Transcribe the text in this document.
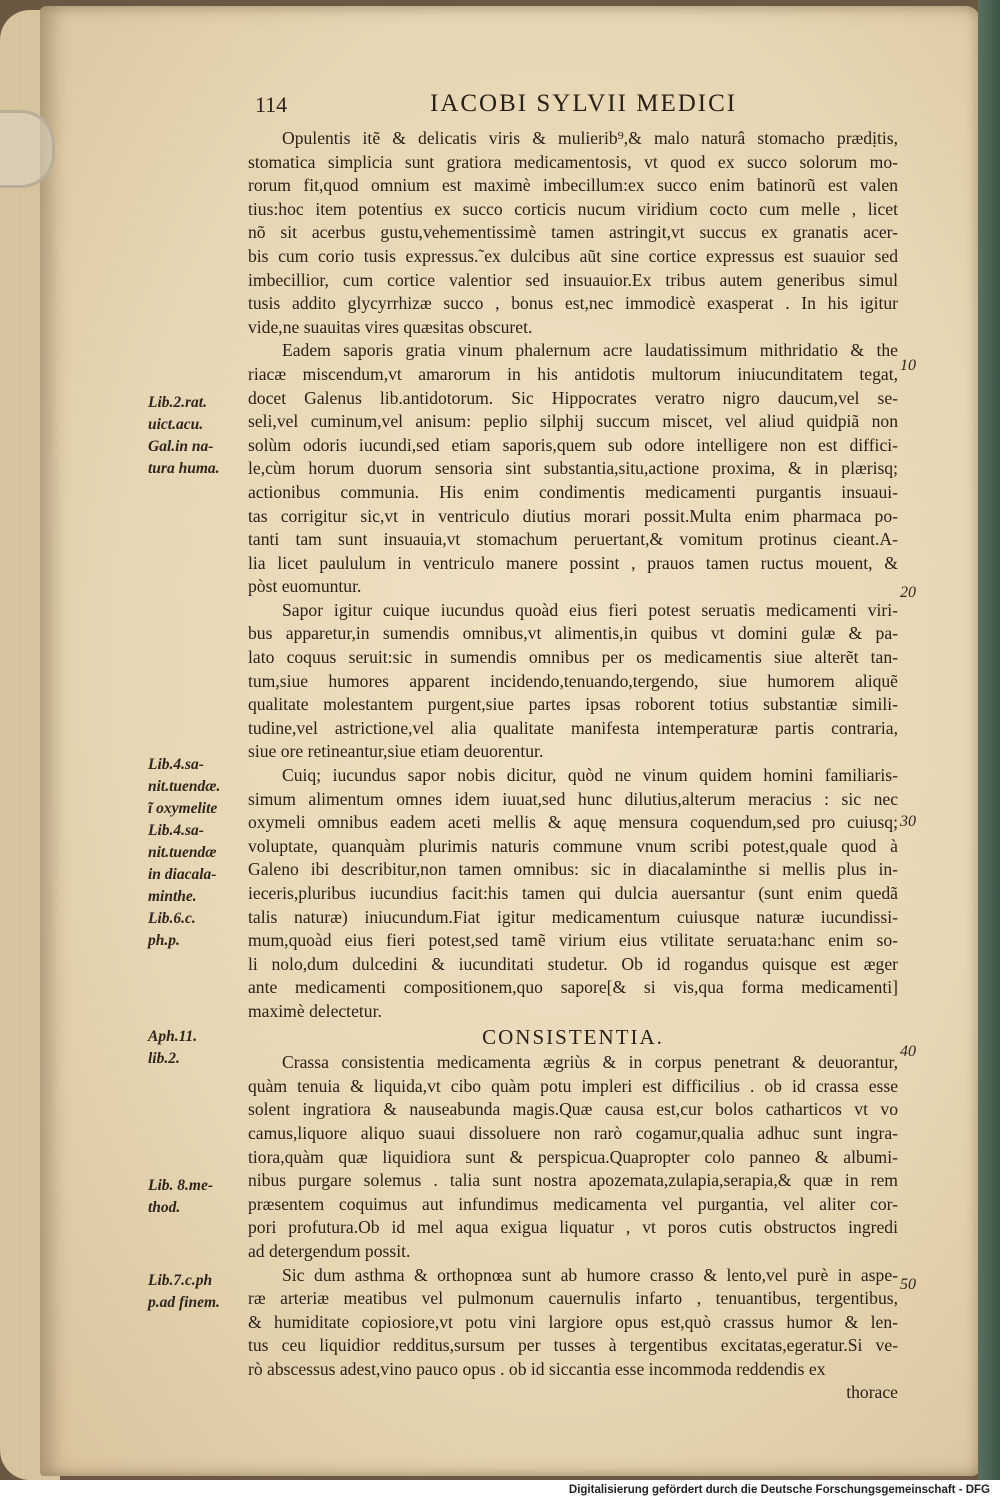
114	IACOBI SYLVII MEDICI
Opulentis itẽ & delicatis viris & mulierib⁹,& malo naturâ stomacho prædịtis,
stomatica simplicia sunt gratiora medicamentosis, vt quod ex succo solorum mo-
rorum fit,quod omnium est maximè imbecillum:ex succo enim batinorũ est valen
tius:hoc item potentius ex succo corticis nucum viridium cocto cum melle , licet
nõ sit acerbus gustu,vehementissimè tamen astringit,vt succus ex granatis acer-
bis cum corio tusis expressus.˜ex dulcibus aũt sine cortice expressus est suauior sed
imbecillior, cum cortice valentior sed insuauior.Ex tribus autem generibus simul
tusis addito glycyrrhizæ succo , bonus est,nec immodicè exasperat . In his igitur
vide,ne suauitas vires quæsitas obscuret.
Eadem saporis gratia vinum phalernum acre laudatissimum mithridatio & the
riacæ miscendum,vt amarorum in his antidotis multorum iniucunditatem tegat,
docet Galenus lib.antidotorum. Sic Hippocrates veratro nigro daucum,vel se-
seli,vel cuminum,vel anisum: peplio silphij succum miscet, vel aliud quidpiã non
solùm odoris iucundi,sed etiam saporis,quem sub odore intelligere non est diffici-
le,cùm horum duorum sensoria sint substantia,situ,actione proxima, & in plærisq;
actionibus communia. His enim condimentis medicamenti purgantis insuaui-
tas corrigitur sic,vt in ventriculo diutius morari possit.Multa enim pharmaca po-
tanti tam sunt insuauia,vt stomachum peruertant,& vomitum protinus cieant.A-
lia licet paululum in ventriculo manere possint , prauos tamen ructus mouent, &
pòst euomuntur.
Sapor igitur cuique iucundus quoàd eius fieri potest seruatis medicamenti viri-
bus apparetur,in sumendis omnibus,vt alimentis,in quibus vt domini gulæ & pa-
lato coquus seruit:sic in sumendis omnibus per os medicamentis siue alterẽt tan-
tum,siue humores apparent incidendo,tenuando,tergendo, siue humorem aliquẽ
qualitate molestantem purgent,siue partes ipsas roborent totius substantiæ simili-
tudine,vel astrictione,vel alia qualitate manifesta intemperaturæ partis contraria,
siue ore retineantur,siue etiam deuorentur.
Cuiq; iucundus sapor nobis dicitur, quòd ne vinum quidem homini familiaris-
simum alimentum omnes idem iuuat,sed hunc dilutius,alterum meracius : sic nec
oxymeli omnibus eadem aceti mellis & aquę mensura coquendum,sed pro cuiusq;
voluptate, quanquàm plurimis naturis commune vnum scribi potest,quale quod à
Galeno ibi describitur,non tamen omnibus: sic in diacalaminthe si mellis plus in-
ieceris,pluribus iucundius facit:his tamen qui dulcia auersantur (sunt enim quedã
talis naturæ) iniucundum.Fiat igitur medicamentum cuiusque naturæ iucundissi-
mum,quoàd eius fieri potest,sed tamẽ virium eius vtilitate seruata:hanc enim so-
li nolo,dum dulcedini & iucunditati studetur. Ob id rogandus quisque est æger
ante medicamenti compositionem,quo sapore[& si vis,qua forma medicamenti]
maximè delectetur.
CONSISTENTIA.
Crassa consistentia medicamenta ægriùs & in corpus penetrant & deuorantur,
quàm tenuia & liquida,vt cibo quàm potu impleri est difficilius . ob id crassa esse
solent ingratiora & nauseabunda magis.Quæ causa est,cur bolos catharticos vt vo
camus,liquore aliquo suaui dissoluere non rarò cogamur,qualia adhuc sunt ingra-
tiora,quàm quæ liquidiora sunt & perspicua.Quapropter colo panneo & albumi-
nibus purgare solemus . talia sunt nostra apozemata,zulapia,serapia,& quæ in rem
præsentem coquimus aut infundimus medicamenta vel purgantia, vel aliter cor-
pori profutura.Ob id mel aqua exigua liquatur , vt poros cutis obstructos ingredi
ad detergendum possit.
Sic dum asthma & orthopnœa sunt ab humore crasso & lento,vel purè in aspe-
ræ arteriæ meatibus vel pulmonum cauernulis infarto , tenuantibus, tergentibus,
& humiditate copiosiore,vt potu vini largiore opus est,quò crassus humor & len-
tus ceu liquidior redditus,sursum per tusses à tergentibus excitatas,egeratur.Si ve-
rò abscessus adest,vino pauco opus . ob id siccantia esse incommoda reddendis ex
thorace
Lib.2.rat.
uict.acu.
Gal.in na-
tura huma.
Lib.4.sa-
nit.tuendæ.
ĩ oxymelite
Lib.4.sa-
nit.tuendæ
in diacala-
minthe.
Lib.6.c.
ph.p.
Aph.11.
lib.2.
Lib. 8.me-
thod.
Lib.7.c.ph
p.ad finem.
10
20
30
40
50
Digitalisierung gefördert durch die Deutsche Forschungsgemeinschaft - DFG
